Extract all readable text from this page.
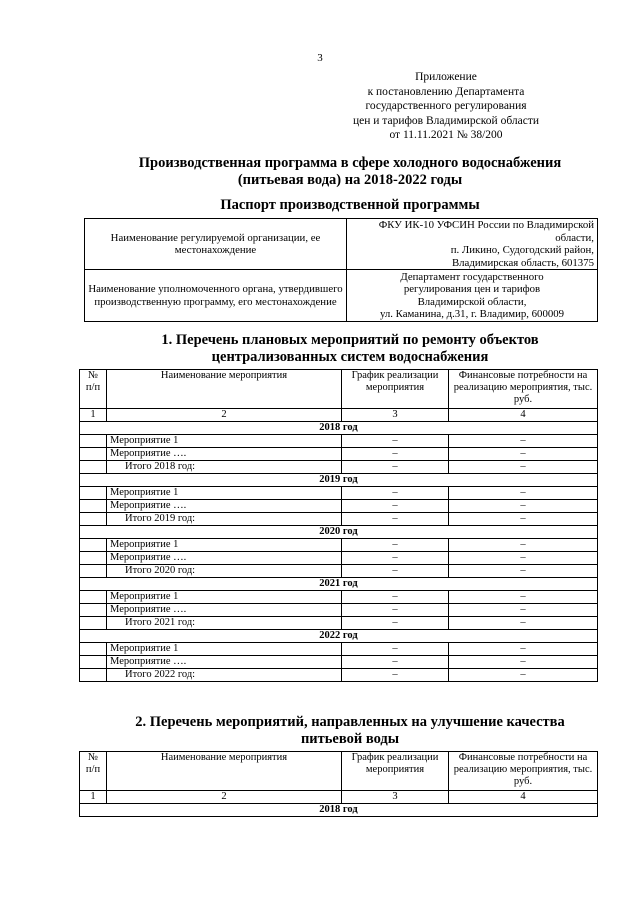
3
Приложение
к постановлению Департамента
государственного регулирования
цен и тарифов Владимирской области
от 11.11.2021 № 38/200
Производственная программа в сфере холодного водоснабжения
(питьевая вода) на 2018-2022 годы
Паспорт производственной программы
Наименование регулируемой организации, ее местонахождение	ФКУ ИК-10 УФСИН России по Владимирской
области,
п. Ликино, Судогодский район,
Владимирская область, 601375

Наименование уполномоченного органа, утвердившего производственную программу, его местонахождение	Департамент государственного
регулирования цен и тарифов
Владимирской области,
ул. Каманина, д.31, г. Владимир, 600009
1. Перечень плановых мероприятий по ремонту объектов
централизованных систем водоснабжения
№ п/п	Наименование мероприятия	График реализации мероприятия	Финансовые потребности на реализацию мероприятия, тыс. руб.
1	2	3	4
2018 год			
	Мероприятие 1	–	–
	Мероприятие ….	–	–
	Итого 2018 год:	–	–
2019 год			
	Мероприятие 1	–	–
	Мероприятие ….	–	–
	Итого 2019 год:	–	–
2020 год			
	Мероприятие 1	–	–
	Мероприятие ….	–	–
	Итого 2020 год:	–	–
2021 год			
	Мероприятие 1	–	–
	Мероприятие ….	–	–
	Итого 2021 год:	–	–
2022 год			
	Мероприятие 1	–	–
	Мероприятие ….	–	–
	Итого 2022 год:	–	–
2. Перечень мероприятий, направленных на улучшение качества
питьевой воды
№ п/п	Наименование мероприятия	График реализации мероприятия	Финансовые потребности на реализацию мероприятия, тыс. руб.
1	2	3	4
2018 год			
